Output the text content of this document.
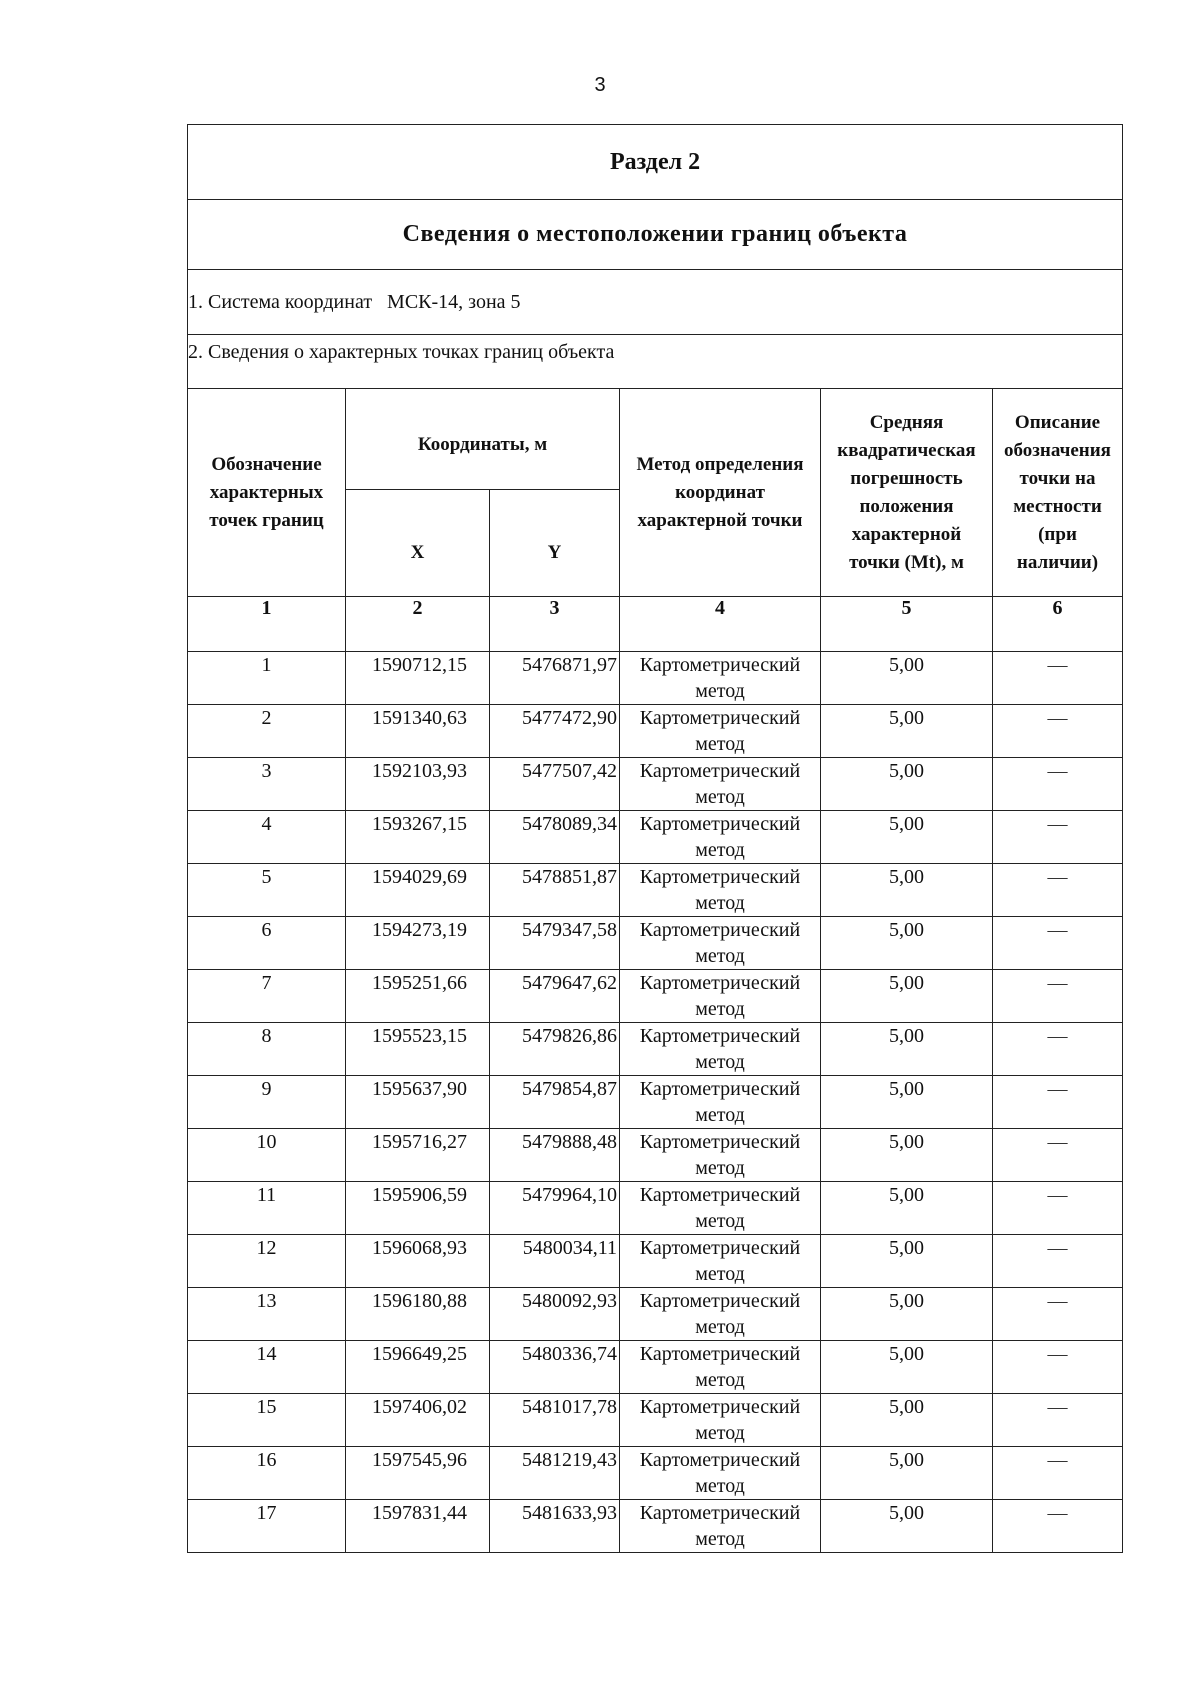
3
Раздел 2					
Сведения о местоположении границ объекта					
1. Система координат   МСК-14, зона 5					
2. Сведения о характерных точках границ объекта					
Обозначение характерных точек границ	Координаты, м		Метод определения координат характерной точки	Средняя квадратическая погрешность положения характерной точки (Mt), м	Описание обозначения точки на местности (при наличии)
	X	Y			
1	2	3	4	5	6
1	1590712,15	5476871,97	Картометрический метод	5,00	—
2	1591340,63	5477472,90	Картометрический метод	5,00	—
3	1592103,93	5477507,42	Картометрический метод	5,00	—
4	1593267,15	5478089,34	Картометрический метод	5,00	—
5	1594029,69	5478851,87	Картометрический метод	5,00	—
6	1594273,19	5479347,58	Картометрический метод	5,00	—
7	1595251,66	5479647,62	Картометрический метод	5,00	—
8	1595523,15	5479826,86	Картометрический метод	5,00	—
9	1595637,90	5479854,87	Картометрический метод	5,00	—
10	1595716,27	5479888,48	Картометрический метод	5,00	—
11	1595906,59	5479964,10	Картометрический метод	5,00	—
12	1596068,93	5480034,11	Картометрический метод	5,00	—
13	1596180,88	5480092,93	Картометрический метод	5,00	—
14	1596649,25	5480336,74	Картометрический метод	5,00	—
15	1597406,02	5481017,78	Картометрический метод	5,00	—
16	1597545,96	5481219,43	Картометрический метод	5,00	—
17	1597831,44	5481633,93	Картометрический метод	5,00	—
